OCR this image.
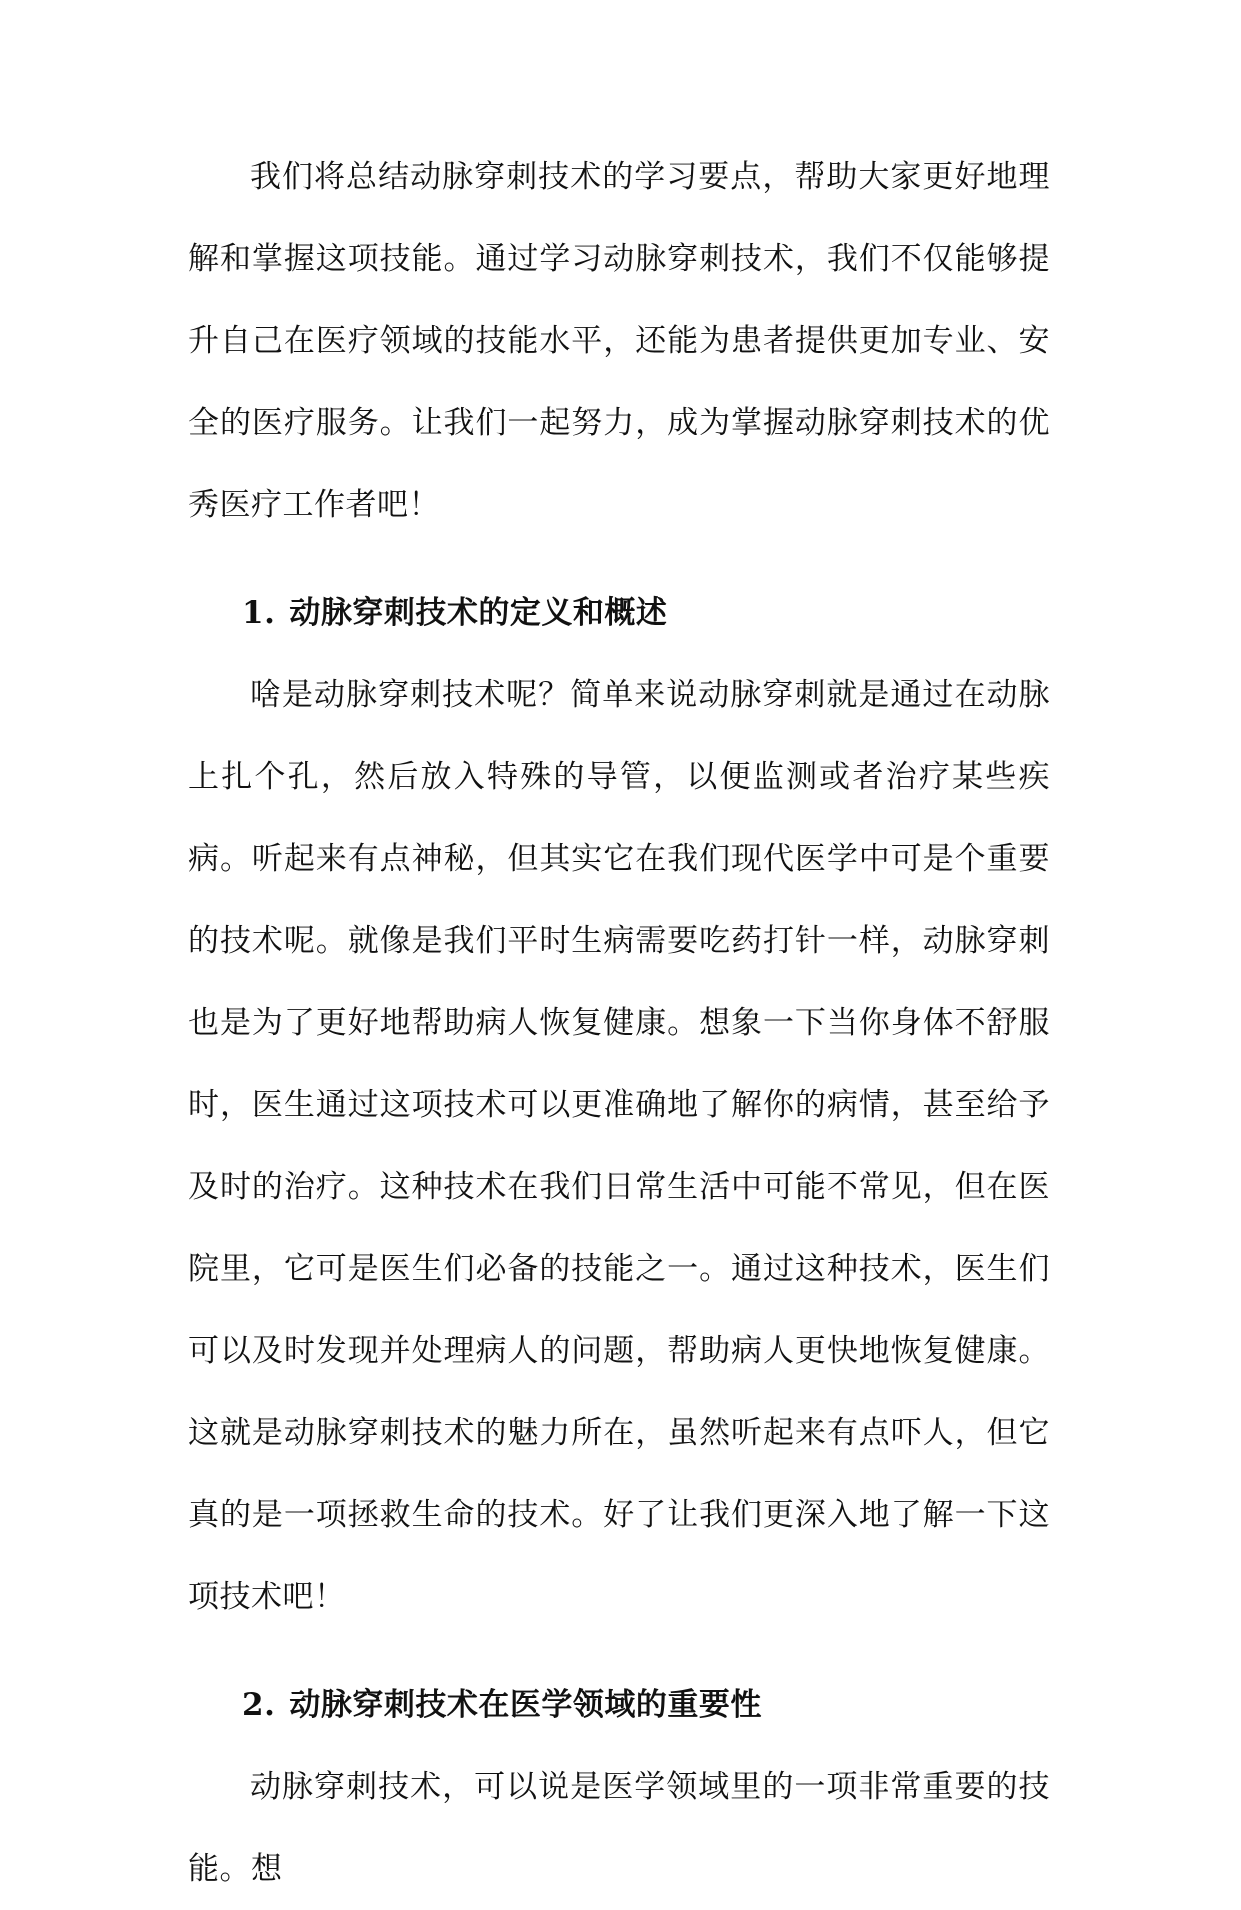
我们将总结动脉穿刺技术的学习要点，帮助大家更好地理解和掌握这项技能。通过学习动脉穿刺技术，我们不仅能够提升自己在医疗领域的技能水平，还能为患者提供更加专业、安全的医疗服务。让我们一起努力，成为掌握动脉穿刺技术的优秀医疗工作者吧！

1. 动脉穿刺技术的定义和概述

啥是动脉穿刺技术呢？简单来说动脉穿刺就是通过在动脉上扎个孔，然后放入特殊的导管，以便监测或者治疗某些疾病。听起来有点神秘，但其实它在我们现代医学中可是个重要的技术呢。就像是我们平时生病需要吃药打针一样，动脉穿刺也是为了更好地帮助病人恢复健康。想象一下当你身体不舒服时，医生通过这项技术可以更准确地了解你的病情，甚至给予及时的治疗。这种技术在我们日常生活中可能不常见，但在医院里，它可是医生们必备的技能之一。通过这种技术，医生们可以及时发现并处理病人的问题，帮助病人更快地恢复健康。这就是动脉穿刺技术的魅力所在，虽然听起来有点吓人，但它真的是一项拯救生命的技术。好了让我们更深入地了解一下这项技术吧！

2. 动脉穿刺技术在医学领域的重要性

动脉穿刺技术，可以说是医学领域里的一项非常重要的技能。想
